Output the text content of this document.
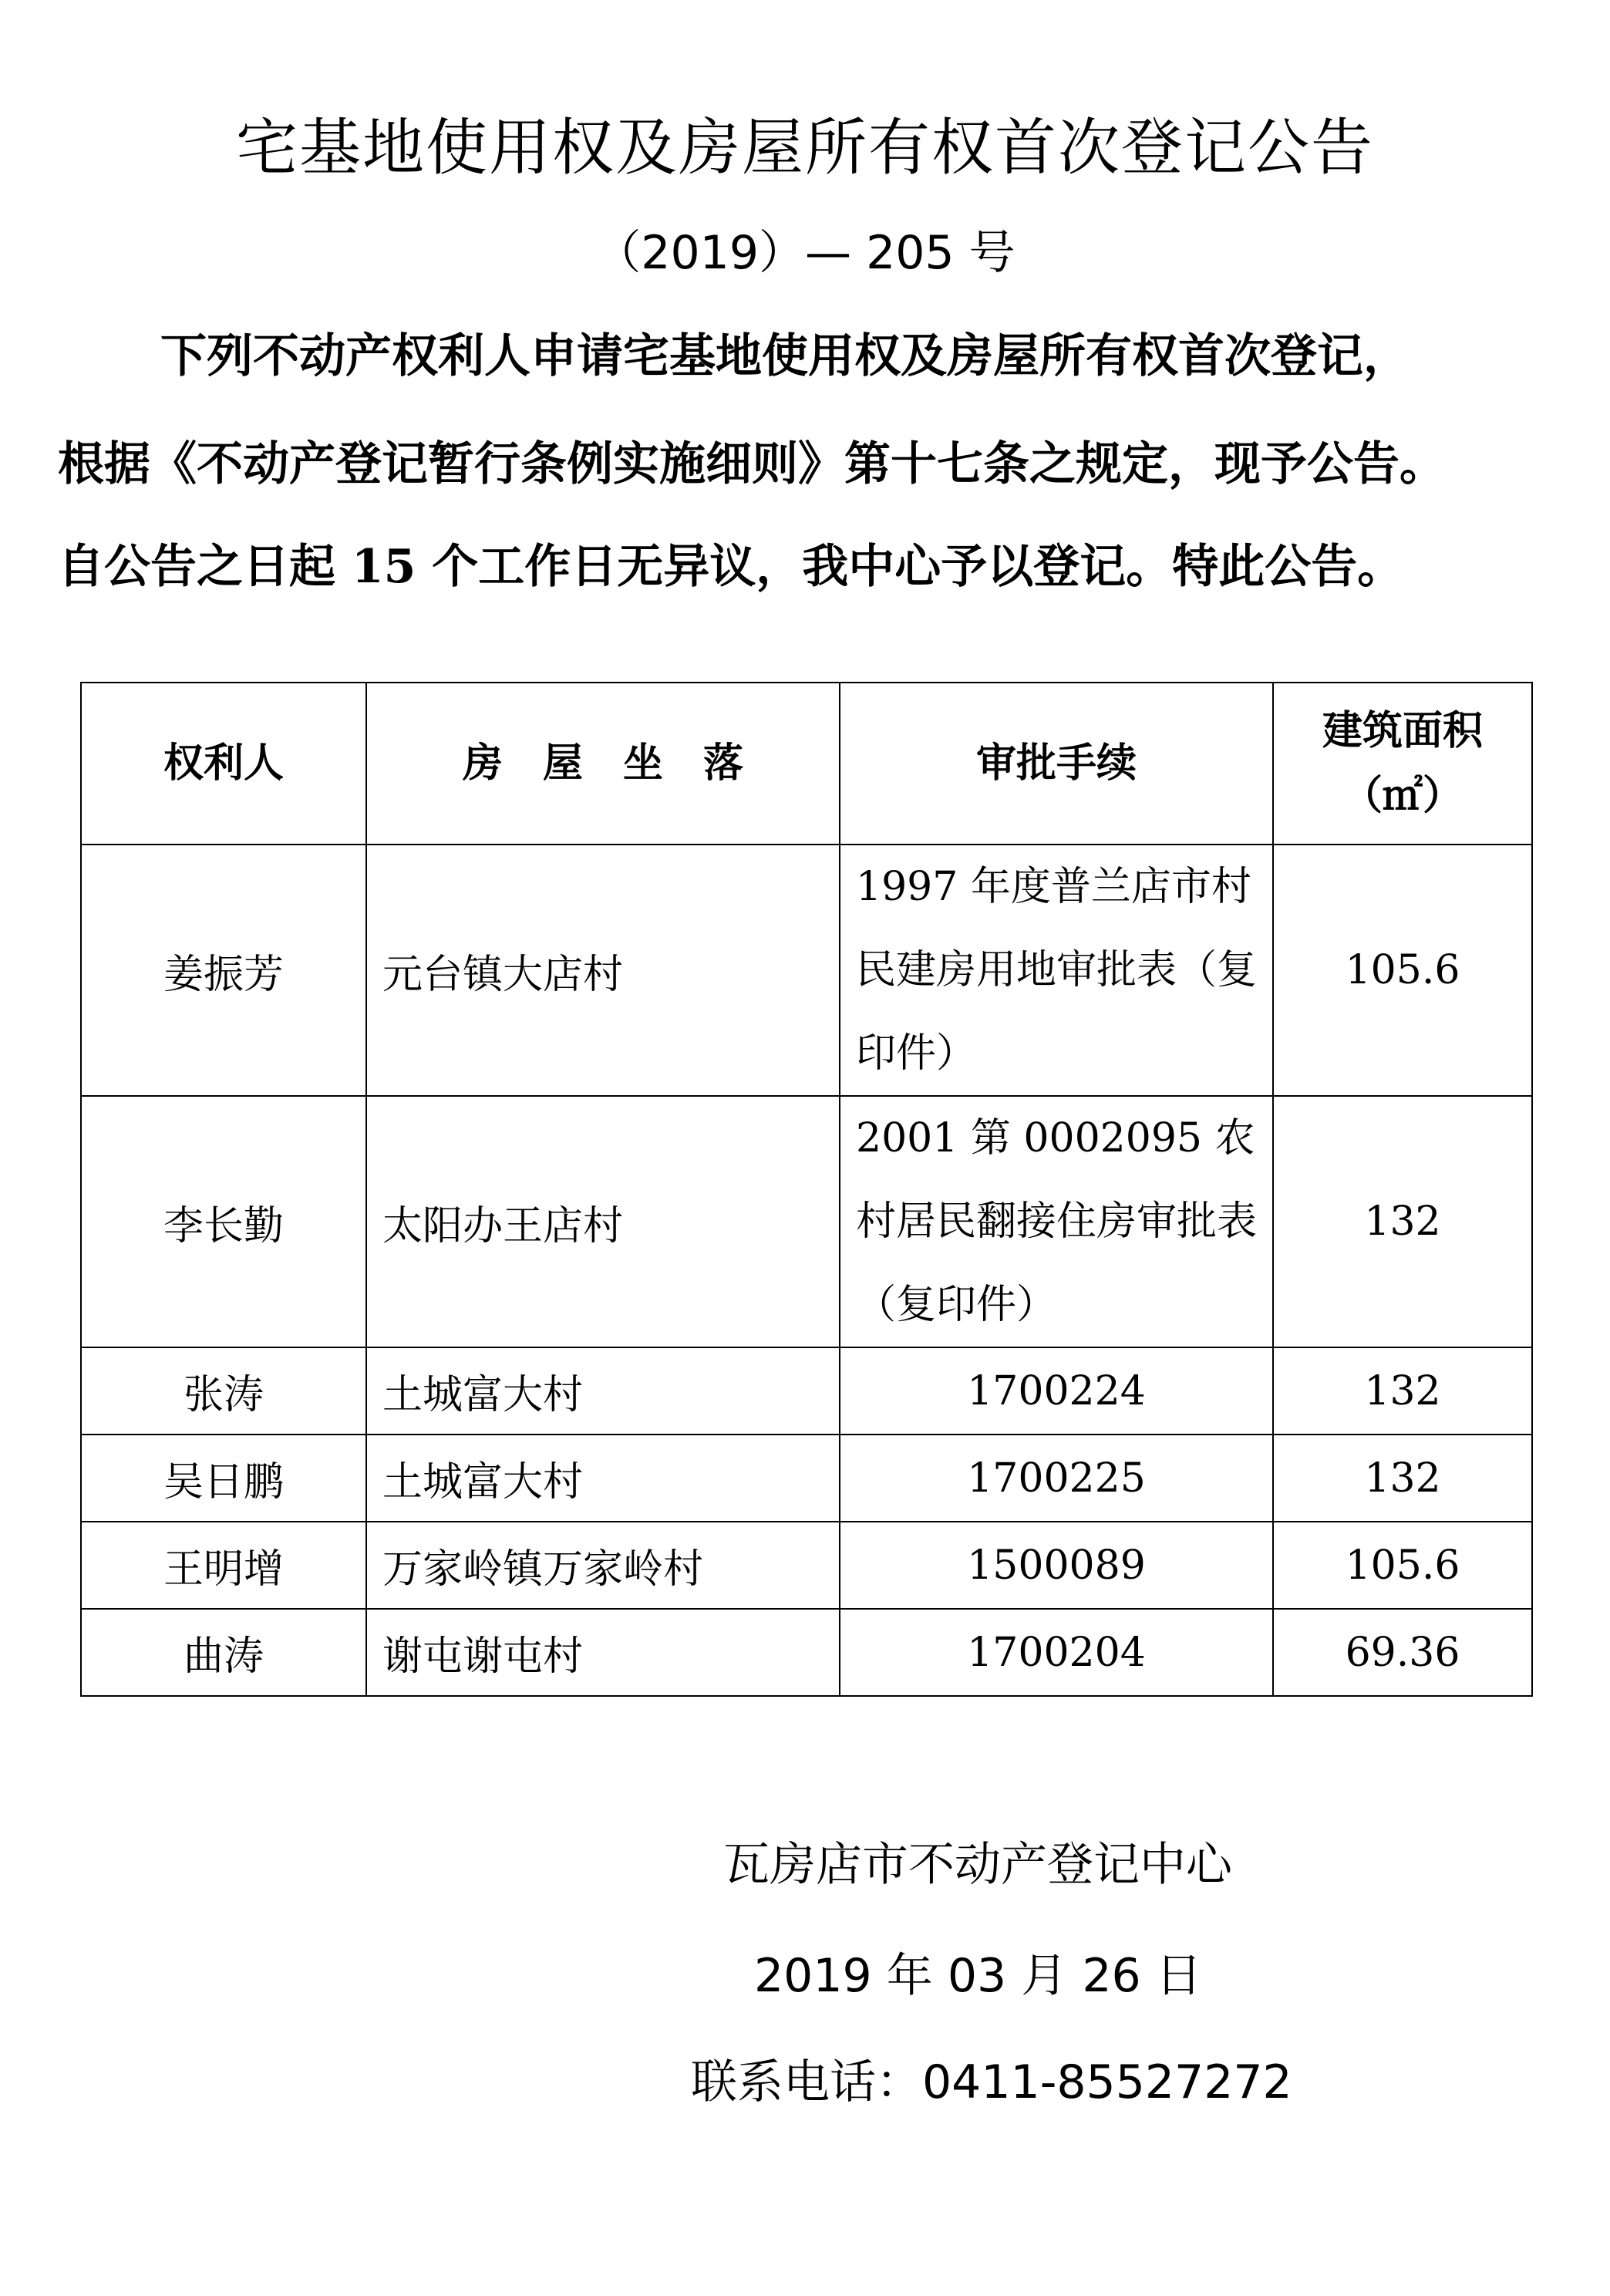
宅基地使用权及房屋所有权首次登记公告
（2019）— 205 号
下列不动产权利人申请宅基地使用权及房屋所有权首次登记，
根据《不动产登记暂行条例实施细则》第十七条之规定，现予公告。
自公告之日起 15 个工作日无异议，我中心予以登记。特此公告。
权利人	房　屋　坐　落	审批手续	建筑面积
（㎡）

姜振芳	元台镇大店村	1997 年度普兰店市村民建房用地审批表（复印件）	105.6
李长勤	太阳办王店村	2001 第 0002095 农村居民翻接住房审批表　（复印件）	132
张涛	土城富大村	1700224	132
吴日鹏	土城富大村	1700225	132
王明增	万家岭镇万家岭村	1500089	105.6
曲涛	谢屯谢屯村	1700204	69.36
瓦房店市不动产登记中心
2019 年 03 月 26 日
联系电话：0411-85527272
